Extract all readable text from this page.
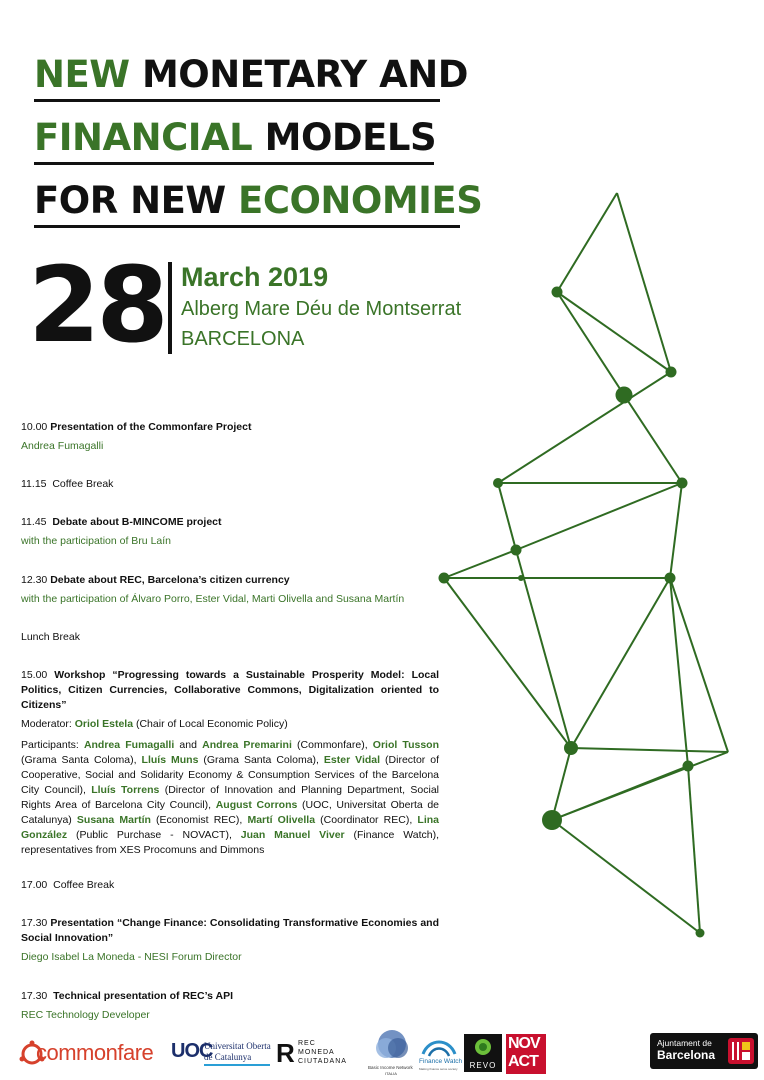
NEW MONETARY AND
FINANCIAL MODELS
FOR NEW ECONOMIES
28 March 2019
Alberg Mare Déu de Montserrat
BARCELONA
10.00 Presentation of the Commonfare Project
Andrea Fumagalli
11.15 Coffee Break
11.45 Debate about B-MINCOME project
with the participation of Bru Laín
12.30 Debate about REC, Barcelona’s citizen currency
with the participation of Álvaro Porro, Ester Vidal, Marti Olivella and Susana Martín
Lunch Break
15.00 Workshop “Progressing towards a Sustainable Prosperity Model: Local Politics, Citizen Currencies, Collaborative Commons, Digitalization oriented to Citizens”
Moderator: Oriol Estela (Chair of Local Economic Policy)
Participants: Andrea Fumagalli and Andrea Premarini (Commonfare), Oriol Tusson (Grama Santa Coloma), Lluís Muns (Grama Santa Coloma), Ester Vidal (Director of Cooperative, Social and Solidarity Economy & Consumption Services of the Barcelona City Council), Lluís Torrens (Director of Innovation and Planning Department, Social Rights Area of Barcelona City Council), August Corrons (UOC, Universitat Oberta de Catalunya) Susana Martín (Economist REC), Martí Olivella (Coordinator REC), Lina González (Public Purchase - NOVACT), Juan Manuel Viver (Finance Watch), representatives from XES Procomuns and Dimmons
17.00 Coffee Break
17.30 Presentation “Change Finance: Consolidating Transformative Economies and Social Innovation”
Diego Isabel La Moneda - NESI Forum Director
17.30 Technical presentation of REC’s API
REC Technology Developer
commonfare UOC
Universitat Oberta
de Catalunya R REC
MONEDA
CIUTADANA
Basic Income Network
ITALIA
Finance Watch
Making finance serve society	REVO
NOV
ACT
Ajuntament de
Barcelona
